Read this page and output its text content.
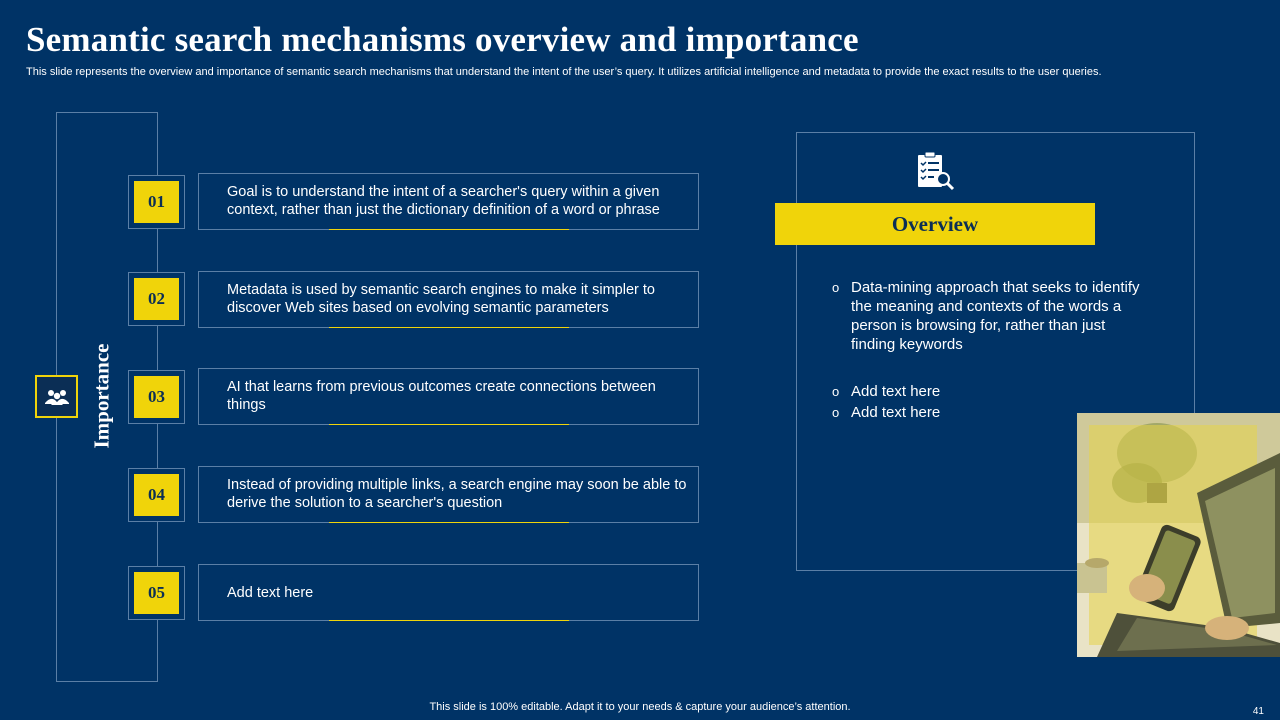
Semantic search mechanisms overview and importance
This slide represents the overview and importance of semantic search mechanisms that understand the intent of the user’s query. It utilizes artificial intelligence and metadata to provide the exact results to the user queries.
Importance
01	Goal is to understand the intent of a searcher's query within a given context, rather than just the dictionary definition of a word or phrase
02	Metadata is used by semantic search engines to make it simpler to discover Web sites based on evolving semantic parameters
03	AI that learns from previous outcomes create connections between things
04	Instead of providing multiple links, a search engine may soon be able to derive the solution to a searcher's question
05	Add text here
Overview
o Data-mining approach that seeks to identify the meaning and contexts of the words a person is browsing for, rather than just finding keywords
o Add text here
o Add text here
This slide is 100% editable. Adapt it to your needs & capture your audience’s attention.	41
